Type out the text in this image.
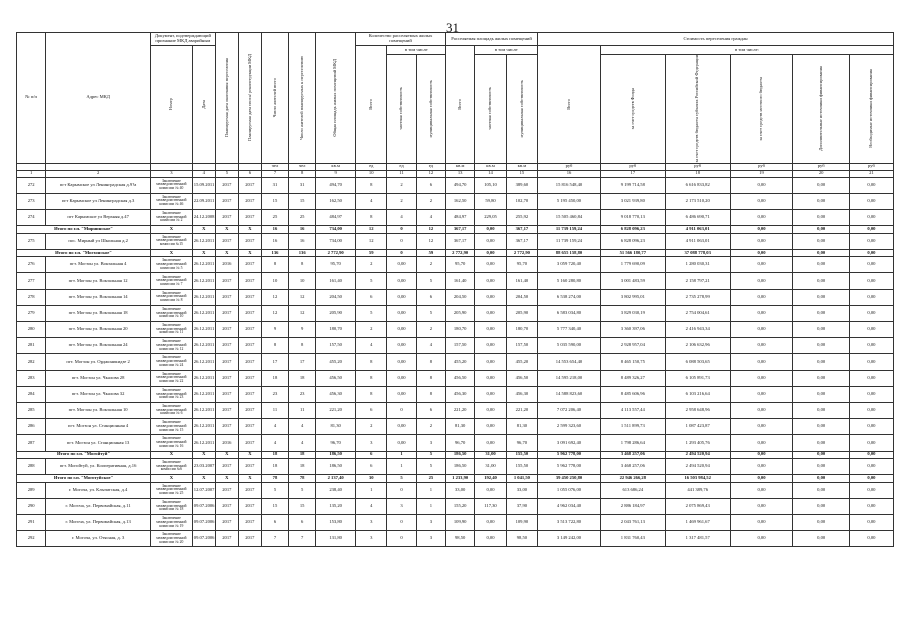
31
№ п/п	Адрес МКД	Документ, подтверждающий признание МКД аварийным		Планируемая дата окончания переселения	Планируемая дата сноса/ реконструкции МКД	Число жителей всего	Число жителей планируемых к переселению	Общая площадь жилых помещений МКД	Количество расселяемых жилых помещений			Расселяемая площадь жилых помещений			Стоимость переселения граждан					

		Номер	Дата						Всего	в том числе		Всего	в том числе		Всего	в том числе:				

										частная собственность	муниципальная собственность		частная собственность	муниципальная собственность		за счет средств Фонда	за счет средств бюджета субъекта Российской Федерации	за счет средств местного бюджета	Дополнительные источники финансирования	Необходимые источники финансирования

						чел	чел	кв.м	ед	ед	ед	кв.м	кв.м	кв.м	руб	руб	руб	руб	руб	руб
1	2	3	4	5	6	7	8	9	10	11	12	13	14	15	16	17	18	19	20	21
272	пгт Карымское ул Ленинградская д.9?а	Заключение межведомственной комиссии № 40	15.09.2011	2017	2017	31	31	494,70	8	2	6	494,70	105,10	389,60	15 816 548,40	9 199 714,58	6 616 833,82	0,00	0,00	0,00
273	пгт Карымское ул Ленинградская д.3	Заключение межведомственной комиссии № 46	22.09.2011	2017	2017	15	15	162,50	4	2	2	162,50	59,80	102,70	5 195 450,00	3 021 939,80	2 173 510,20	0,00	0,00	0,00
274	пгт Карымское ул Верхняя д.47	Заключение межведомственной комиссии № 2	24.12.2008	2017	2017	25	25	484,97	8	4	4	484,97	229,05	255,92	15 505 460,84	9 018 770,13	6 486 690,71	0,00	0,00	0,00
Итого по г.п. "Мирнинское"		X	X	X	X	16	16	734,00	12	0	12	367,17	0,00	367,17	11 739 159,24	6 828 096,23	4 911 063,01	0,00	0,00	0,00
275	пос. Мирный ул Школьная д.2	Заключение межведомственной комиссии №15	26.12.2011	2017	2017	16	16	734,00	12	0	12	367,17	0,00	367,17	11 739 159,24	6 828 096,23	4 911 063,01	0,00	0,00	0,00
Итого по г.п. "Могзонское"		X	X	X	X	136	136	2 772,90	59	0	59	2 772,90	0,00	2 772,90	88 655 158,80	51 566 180,77	37 088 778,03	0,00	0,00	0,00
276	пгт. Могзон ул. Вокзальная 4	Заключение межведомственной комиссии № 5	26.12.2011	2016	2017	8	8	95,70	2	0,00	2	95,70	0,00	95,70	3 059 720,40	1 779 690,09	1 280 030,31	0,00	0,00	0,00
277	пгт. Могзон ул. Вокзальная 12	Заключение межведомственной комиссии № 7	26.12.2011	2017	2017	10	10	161,40	5	0,00	5	161,40	0,00	161,40	5 160 280,80	3 001 483,59	2 158 797,21	0,00	0,00	0,00
278	пгт. Могзон ул. Вокзальная 14	Заключение межведомственной комиссии № 8	26.12.2011	2017	2017	12	12	204,50	6	0,00	6	204,50	0,00	204,50	6 538 274,00	3 802 995,01	2 735 278,99	0,00	0,00	0,00
279	пгт. Могзон ул. Вокзальная 18	Заключение межведомственной комиссии № 10	26.12.2011	2017	2017	12	12	205,90	5	0,00	5	205,90	0,00	205,90	6 583 034,80	3 829 030,19	2 754 004,61	0,00	0,00	0,00
280	пгт. Могзон ул. Вокзальная 20	Заключение межведомственной комиссии № 11	26.12.2011	2017	2017	9	9	180,70	2	0,00	2	180,70	0,00	180,70	5 777 340,40	3 360 397,06	2 416 943,34	0,00	0,00	0,00
281	пгт. Могзон ул. Вокзальная 24	Заключение межведомственной комиссии № 12	26.12.2011	2017	2017	8	8	157,50	4	0,00	4	157,50	0,00	157,50	5 035 590,00	2 928 957,04	2 106 632,96	0,00	0,00	0,00
282	пгт. Могзон ул. Орджоникидзе 2	Заключение межведомственной комиссии № 24	26.12.2011	2017	2017	17	17	455,20	8	0,00	8	455,20	0,00	455,20	14 553 654,40	8 465 150,75	6 088 503,65	0,00	0,00	0,00
283	пгт. Могзон ул. Чкалова 28	Заключение межведомственной комиссии № 22	26.12.2011	2017	2017	18	18	456,50	8	0,00	8	456,50	0,00	456,50	14 595 218,00	8 489 326,27	6 105 891,73	0,00	0,00	0,00
284	пгт. Могзон ул. Чкалова 32	Заключение межведомственной комиссии № 23	26.12.2011	2017	2017	23	23	456,30	8	0,00	8	456,30	0,00	456,30	14 588 823,60	8 485 606,96	6 103 216,64	0,00	0,00	0,00
285	пгт. Могзон ул. Вокзальная 10	Заключение межведомственной комиссии № 6	26.12.2011	2017	2017	11	11	221,20	6	0	6	221,20	0,00	221,20	7 072 206,40	4 113 557,44	2 958 648,96	0,00	0,00	0,00
286	пгт. Могзон ул. Станционная 4	Заключение межведомственной комиссии № 15	26.12.2011	2017	2017	4	4	81,30	2	0,00	2	81,30	0,00	81,30	2 599 323,60	1 511 899,73	1 087 423,87	0,00	0,00	0,00
287	пгт. Могзон ул. Станционная 13	Заключение межведомственной комиссии № 16	26.12.2011	2016	2017	4	4	96,70	3	0,00	3	96,70	0,00	96,70	3 091 692,40	1 798 286,64	1 293 405,76	0,00	0,00	0,00
Итого по г.п. "Могойтуй"		X	X	X	X	18	18	186,50	6	1	5	186,50	31,00	155,50	5 962 778,00	3 468 257,06	2 494 520,94	0,00	0,00	0,00
288	пгт. Могойтуй, ул. Кооперативная, д.16	Заключение межведомственной комиссии №6	23.03.2007	2017	2017	18	18	186,50	6	1	5	186,50	31,00	155,50	5 962 778,00	3 468 257,06	2 494 520,94	0,00	0,00	0,00
Итого по г.п. "Моготуйское"		X	X	X	X	78	78	2 137,40	30	5	25	1 233,90	192,40	1 041,50	39 450 250,80	22 946 266,28	16 503 984,52	0,00	0,00	0,00
289	г. Могоча, ул. Клычатская, д.4	Заключение межведомственной комиссии № 25	12.07.2007	2017	2017	5	5	238,40	1	0	1	33,00	0,00	33,00	1 055 076,00	613 686,24	441 389,76	0,00	0,00	0,00
290	г. Могоча, ул. Первомайская, д.11	Заключение межведомственной комиссии № 18	09.07.2006	2017	2017	15	15	135,20	4	3	1	155,20	117,30	37,90	4 962 034,40	2 886 184,97	2 075 869,43	0,00	0,00	0,00
291	г. Могоча, ул. Первомайская, д.13	Заключение межведомственной комиссии № 19	09.07.2006	2017	2017	6	6	153,80	3	0	3	109,90	0,00	109,90	3 513 722,80	2 043 761,13	1 469 961,67	0,00	0,00	0,00
292	г. Могоча, ул. Отясная, д. 3	Заключение межведомственной комиссии № 20	09.07.2006	2017	2017	7	7	131,80	3	0	3	98,50	0,00	98,50	3 149 242,00	1 831 760,43	1 317 481,57	0,00	0,00	0,00
